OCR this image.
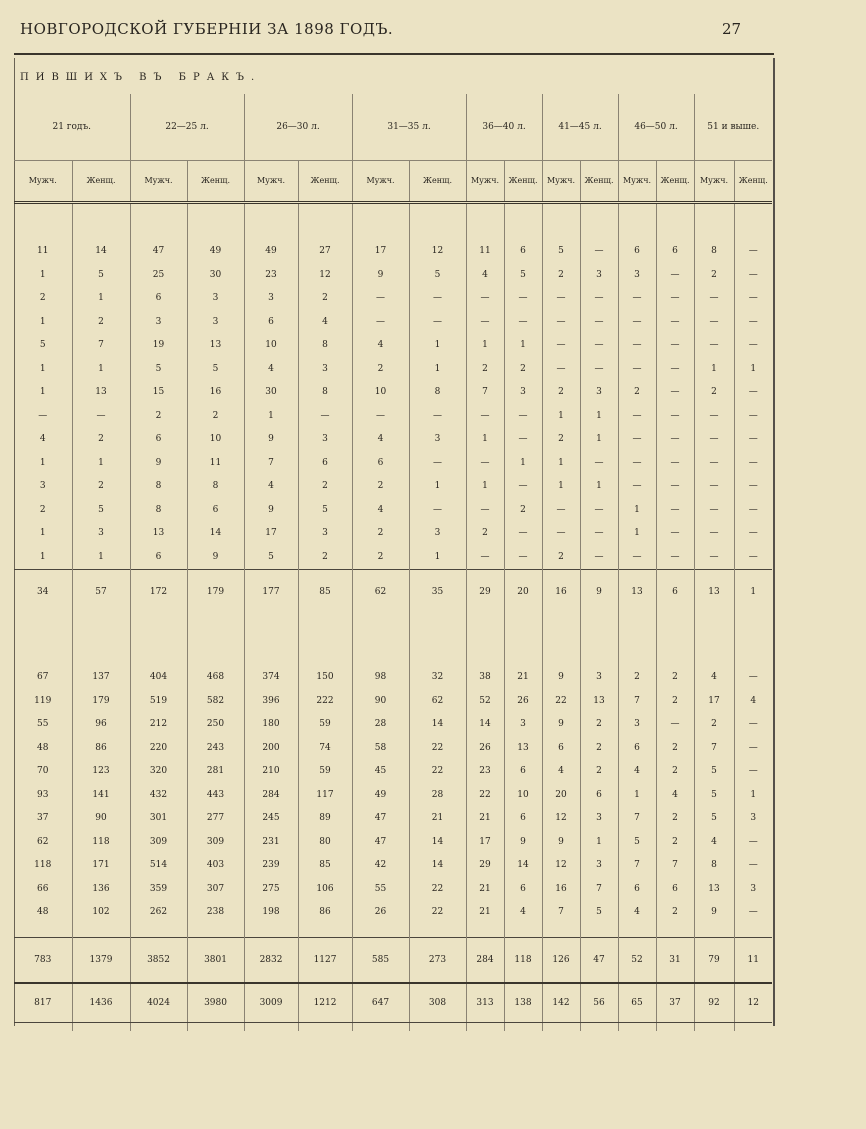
НОВГОРОДСКОЙ ГУБЕРНІИ ЗА 1898 ГОДЪ.	27
ПИВШИХЪ ВЪ БРАКЪ.
21 годъ.		22—25 л.		26—30 л.		31—35 л.		36—40 л.		41—45 л.		46—50 л.		51 и выше.	
Мужч.	Женщ.	Мужч.	Женщ.	Мужч.	Женщ.	Мужч.	Женщ.	Мужч.	Женщ.	Мужч.	Женщ.	Мужч.	Женщ.	Мужч.	Женщ.

11	14	47	49	49	27	17	12	11	6	5	—	6	6	8	—
1	5	25	30	23	12	9	5	4	5	2	3	3	—	2	—
2	1	6	3	3	2	—	—	—	—	—	—	—	—	—	—
1	2	3	3	6	4	—	—	—	—	—	—	—	—	—	—
5	7	19	13	10	8	4	1	1	1	—	—	—	—	—	—
1	1	5	5	4	3	2	1	2	2	—	—	—	—	1	1
1	13	15	16	30	8	10	8	7	3	2	3	2	—	2	—
—	—	2	2	1	—	—	—	—	—	1	1	—	—	—	—
4	2	6	10	9	3	4	3	1	—	2	1	—	—	—	—
1	1	9	11	7	6	6	—	—	1	1	—	—	—	—	—
3	2	8	8	4	2	2	1	1	—	1	1	—	—	—	—
2	5	8	6	9	5	4	—	—	2	—	—	1	—	—	—
1	3	13	14	17	3	2	3	2	—	—	—	1	—	—	—
1	1	6	9	5	2	2	1	—	—	2	—	—	—	—	—
34	57	172	179	177	85	62	35	29	20	16	9	13	6	13	1

67	137	404	468	374	150	98	32	38	21	9	3	2	2	4	—
119	179	519	582	396	222	90	62	52	26	22	13	7	2	17	4
55	96	212	250	180	59	28	14	14	3	9	2	3	—	2	—
48	86	220	243	200	74	58	22	26	13	6	2	6	2	7	—
70	123	320	281	210	59	45	22	23	6	4	2	4	2	5	—
93	141	432	443	284	117	49	28	22	10	20	6	1	4	5	1
37	90	301	277	245	89	47	21	21	6	12	3	7	2	5	3
62	118	309	309	231	80	47	14	17	9	9	1	5	2	4	—
118	171	514	403	239	85	42	14	29	14	12	3	7	7	8	—
66	136	359	307	275	106	55	22	21	6	16	7	6	6	13	3
48	102	262	238	198	86	26	22	21	4	7	5	4	2	9	—

783	1379	3852	3801	2832	1127	585	273	284	118	126	47	52	31	79	11
817	1436	4024	3980	3009	1212	647	308	313	138	142	56	65	37	92	12
